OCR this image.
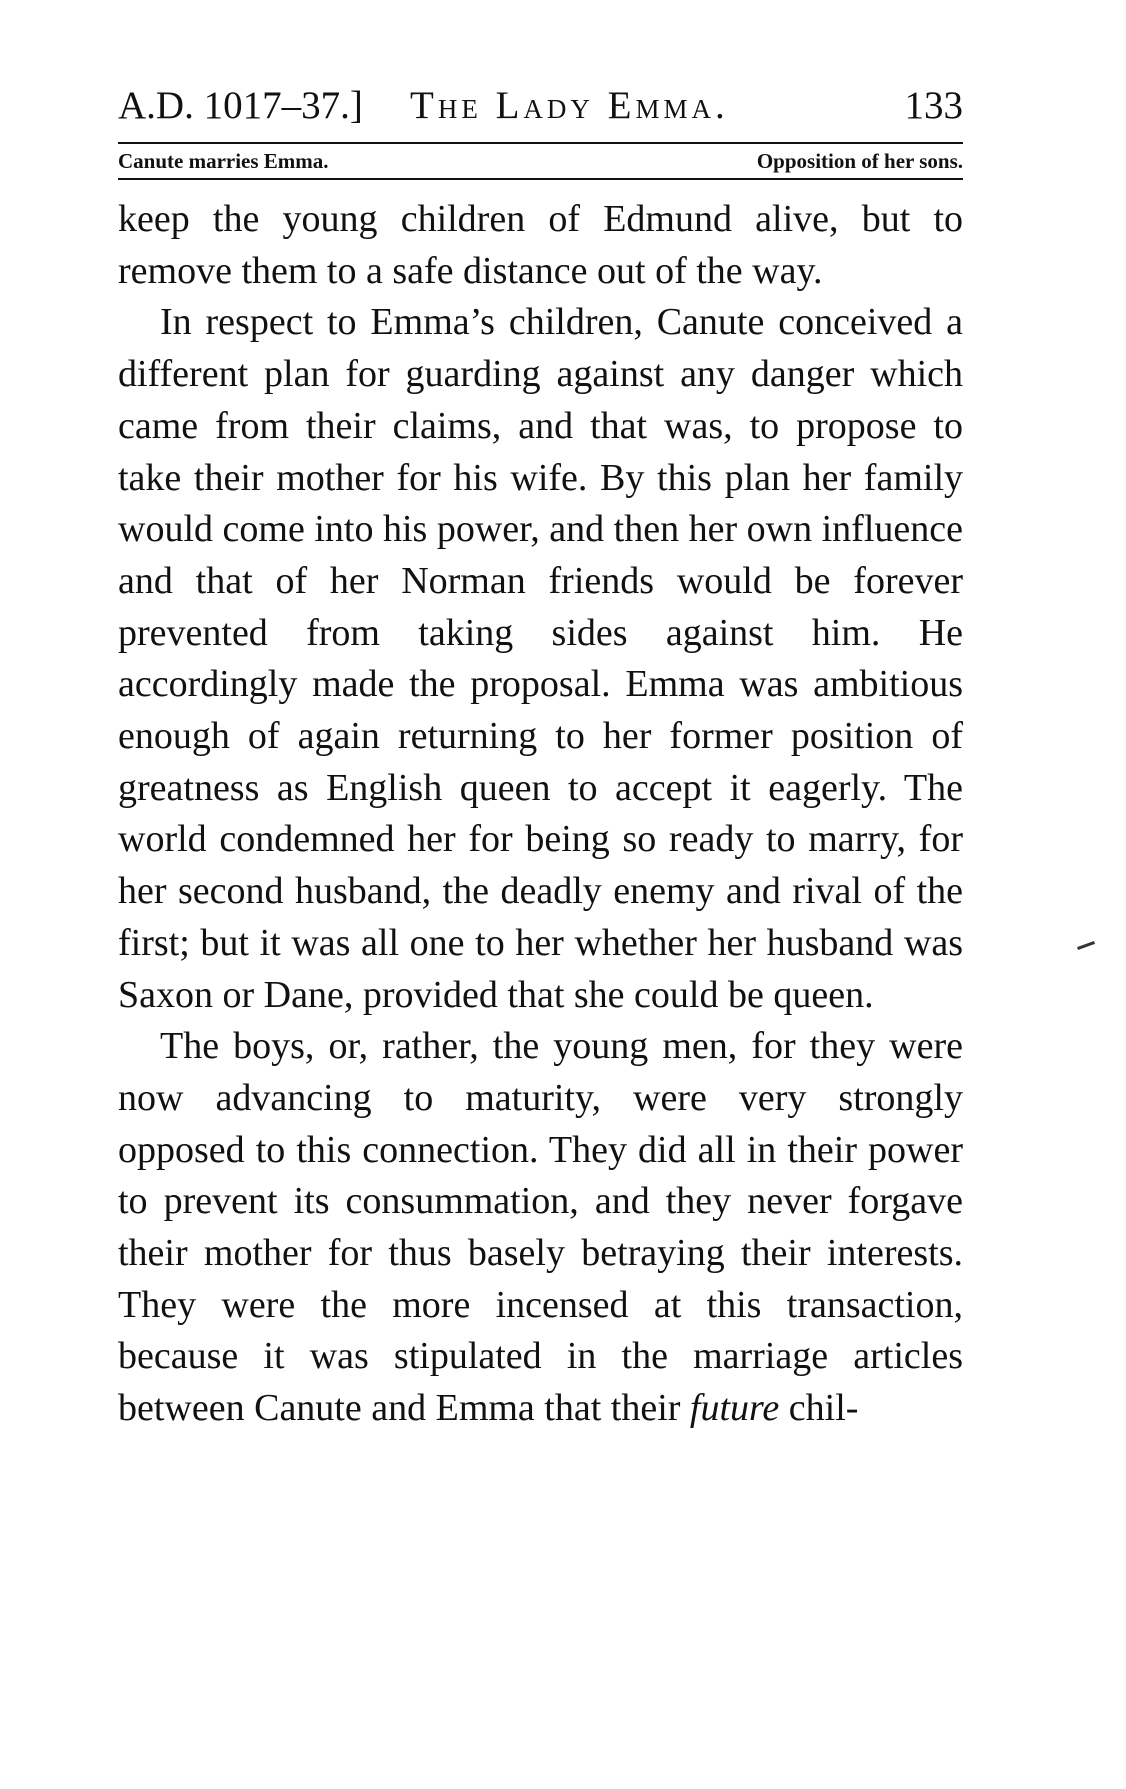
A.D. 1017–37.] The Lady Emma.	133
Canute marries Emma.	Opposition of her sons.

keep the young children of Edmund alive, but to remove them to a safe distance out of the way.

In respect to Emma’s children, Canute conceived a different plan for guarding against any danger which came from their claims, and that was, to propose to take their mother for his wife. By this plan her family would come into his power, and then her own influence and that of her Norman friends would be forever prevented from taking sides against him. He accordingly made the proposal. Emma was ambitious enough of again returning to her former position of greatness as English queen to accept it eagerly. The world condemned her for being so ready to marry, for her second husband, the deadly enemy and rival of the first; but it was all one to her whether her husband was Saxon or Dane, provided that she could be queen.

The boys, or, rather, the young men, for they were now advancing to maturity, were very strongly opposed to this connection. They did all in their power to prevent its consummation, and they never forgave their mother for thus basely betraying their interests. They were the more incensed at this transaction, because it was stipulated in the marriage articles between Canute and Emma that their future chil-
